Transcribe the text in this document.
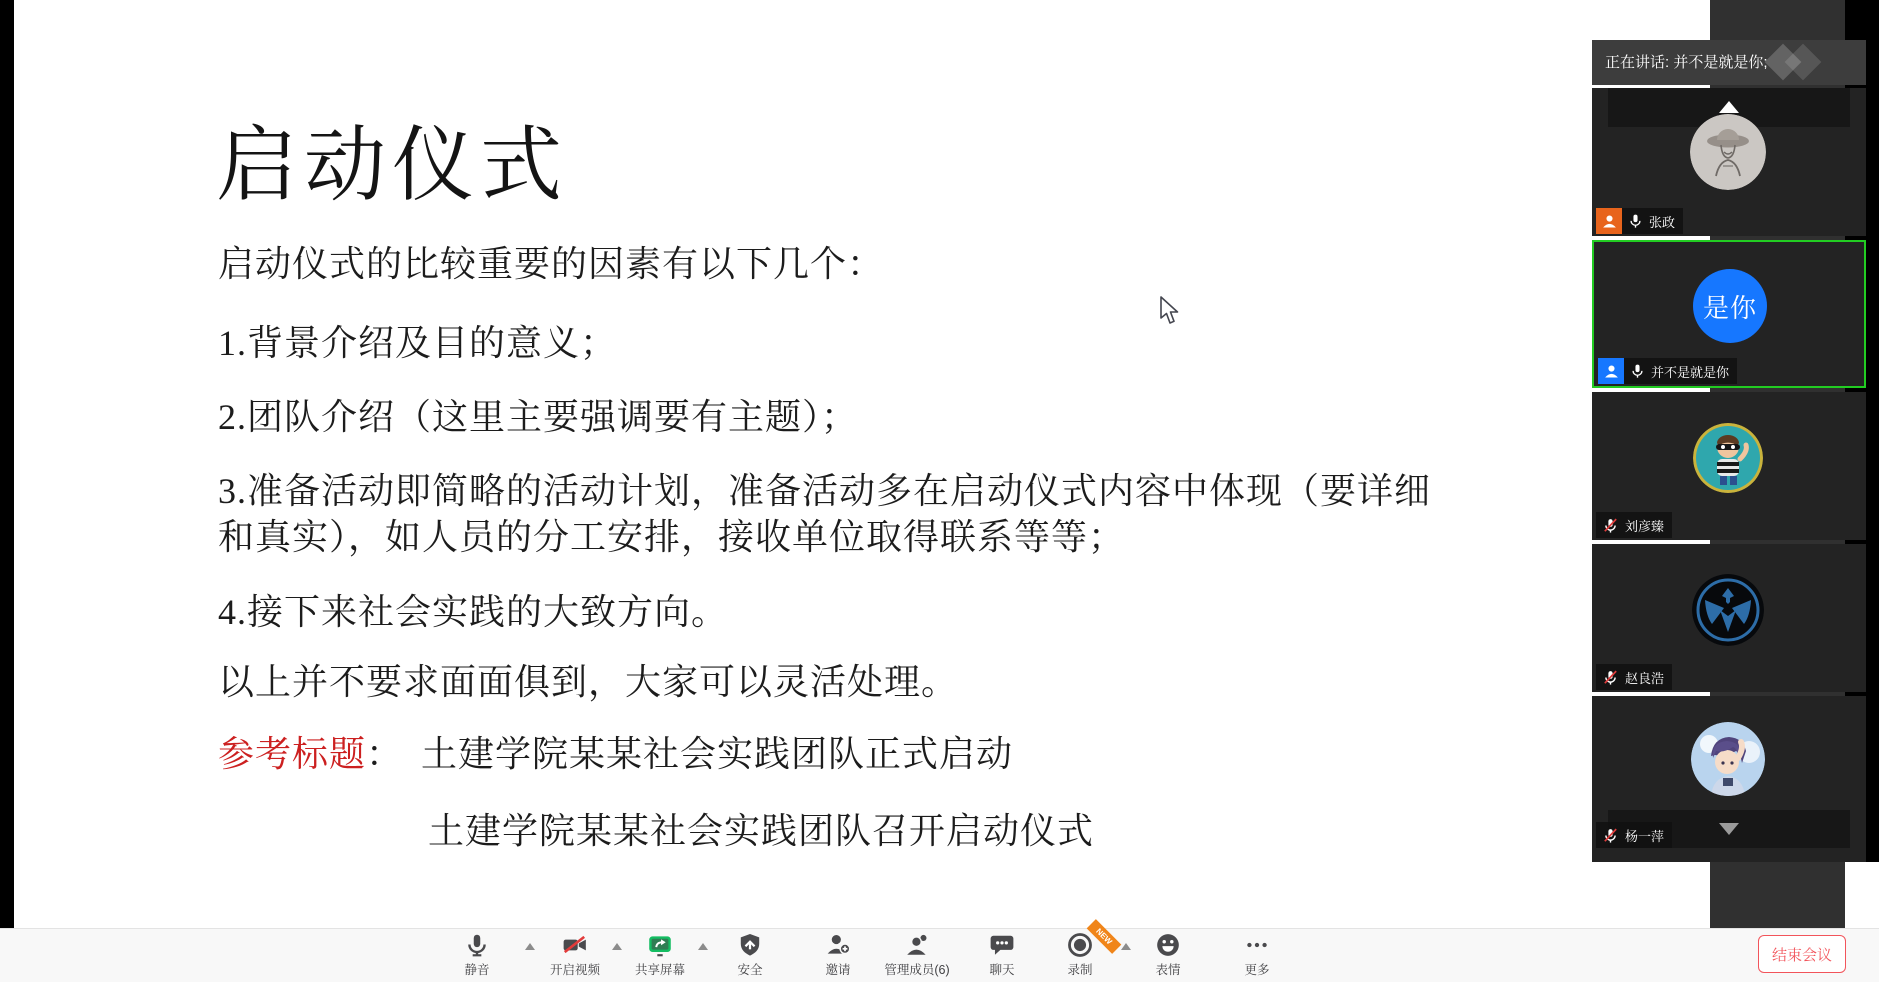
启动仪式
启动仪式的比较重要的因素有以下几个：
1.背景介绍及目的意义；
2.团队介绍（这里主要强调要有主题）；
3.准备活动即简略的活动计划，准备活动多在启动仪式内容中体现（要详细
和真实），如人员的分工安排，接收单位取得联系等等；
4.接下来社会实践的大致方向。
以上并不要求面面俱到，大家可以灵活处理。
参考标题： 土建学院某某社会实践团队正式启动
土建学院某某社会实践团队召开启动仪式
正在讲话: 并不是就是你;
张政
是你
并不是就是你
刘彦臻
赵良浩
杨一萍
静音	开启视频	共享屏幕	安全	邀请	管理成员(6)	聊天	录制
NEW
表情	更多
结束会议
